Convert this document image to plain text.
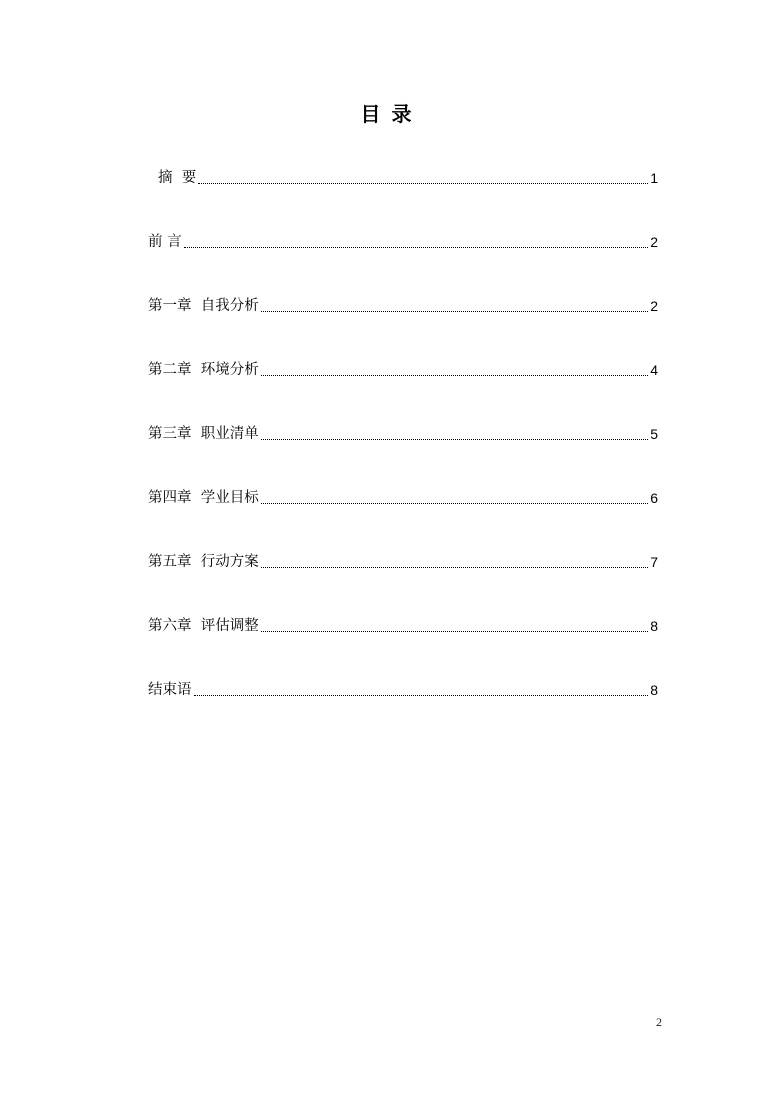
目 录
摘  要	1
前 言	2
第一章  自我分析	2
第二章  环境分析	4
第三章  职业清单	5
第四章  学业目标	6
第五章  行动方案	7
第六章  评估调整	8
结束语	8
2
